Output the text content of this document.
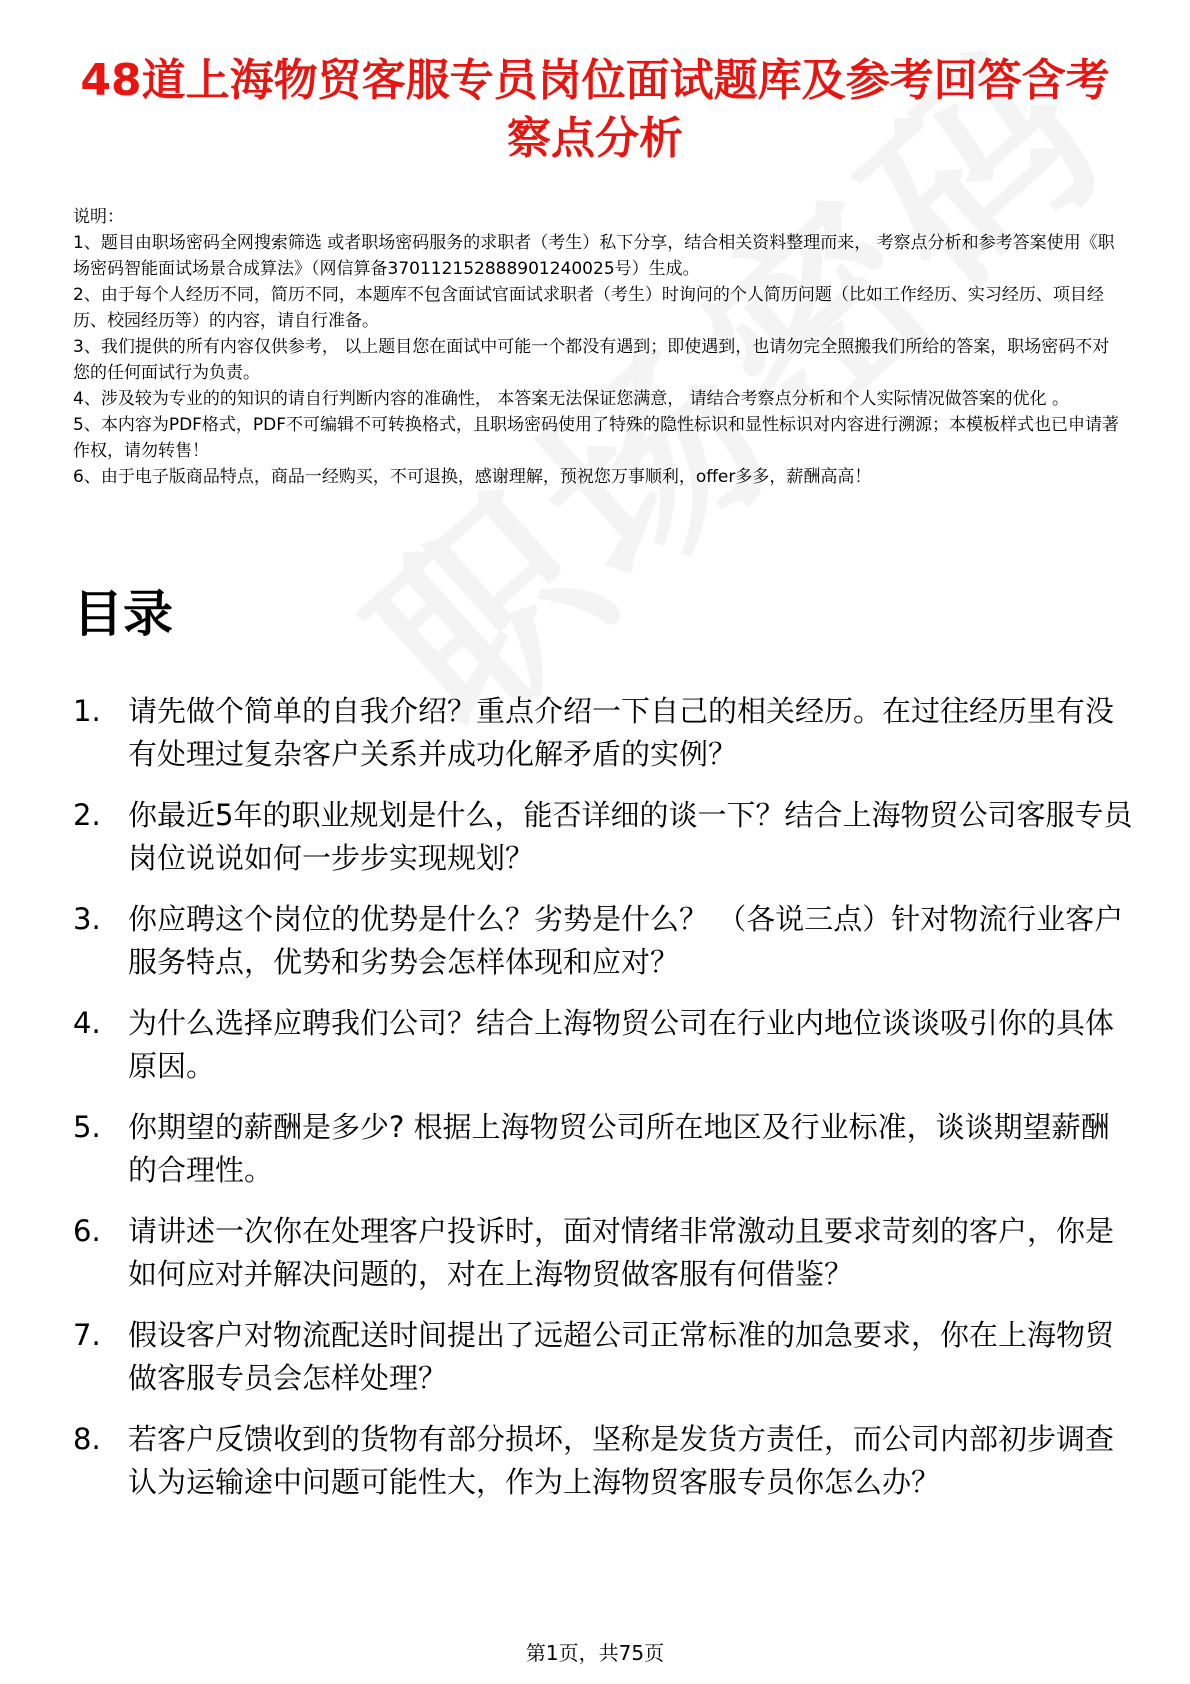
48道上海物贸客服专员岗位面试题库及参考回答含考察点分析
说明：
1、题目由职场密码全网搜索筛选 或者职场密码服务的求职者（考生）私下分享，结合相关资料整理而来， 考察点分析和参考答案使用《职场密码智能面试场景合成算法》（网信算备370112152888901240025号）生成。
2、由于每个人经历不同，简历不同，本题库不包含面试官面试求职者（考生）时询问的个人简历问题（比如工作经历、实习经历、项目经历、校园经历等）的内容，请自行准备。
3、我们提供的所有内容仅供参考， 以上题目您在面试中可能一个都没有遇到；即使遇到，也请勿完全照搬我们所给的答案，职场密码不对您的任何面试行为负责。
4、涉及较为专业的的知识的请自行判断内容的准确性， 本答案无法保证您满意， 请结合考察点分析和个人实际情况做答案的优化 。
5、本内容为PDF格式，PDF不可编辑不可转换格式，且职场密码使用了特殊的隐性标识和显性标识对内容进行溯源；本模板样式也已申请著作权，请勿转售！
6、由于电子版商品特点，商品一经购买，不可退换，感谢理解，预祝您万事顺利，offer多多，薪酬高高！
目录
1. 请先做个简单的自我介绍？重点介绍一下自己的相关经历。在过往经历里有没有处理过复杂客户关系并成功化解矛盾的实例？
2. 你最近5年的职业规划是什么，能否详细的谈一下？结合上海物贸公司客服专员岗位说说如何一步步实现规划？
3. 你应聘这个岗位的优势是什么？劣势是什么？ （各说三点）针对物流行业客户服务特点，优势和劣势会怎样体现和应对？
4. 为什么选择应聘我们公司？结合上海物贸公司在行业内地位谈谈吸引你的具体原因。
5. 你期望的薪酬是多少? 根据上海物贸公司所在地区及行业标准，谈谈期望薪酬的合理性。
6. 请讲述一次你在处理客户投诉时，面对情绪非常激动且要求苛刻的客户，你是如何应对并解决问题的，对在上海物贸做客服有何借鉴？
7. 假设客户对物流配送时间提出了远超公司正常标准的加急要求，你在上海物贸做客服专员会怎样处理？
8. 若客户反馈收到的货物有部分损坏，坚称是发货方责任，而公司内部初步调查认为运输途中问题可能性大，作为上海物贸客服专员你怎么办？
第1页，共75页
